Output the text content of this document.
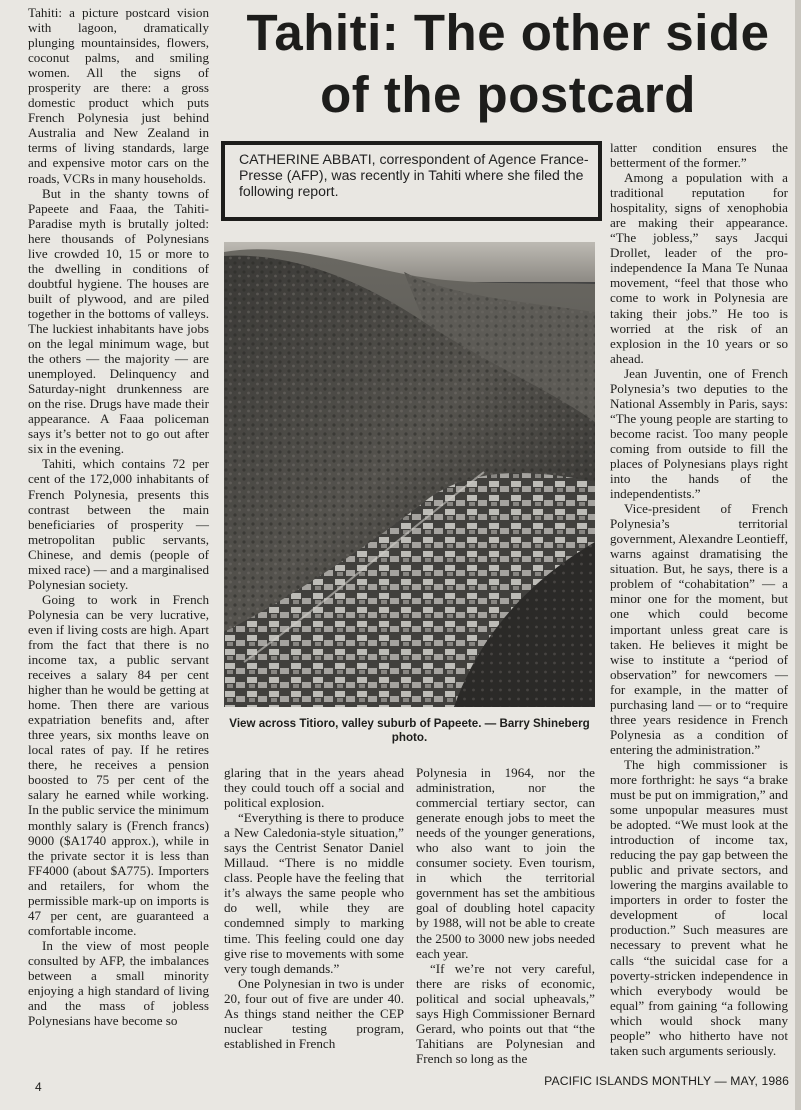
Tahiti: a picture postcard vision with lagoon, dramatically plunging mountainsides, flowers, coconut palms, and smiling women. All the signs of prosperity are there: a gross domestic product which puts French Polynesia just behind Australia and New Zealand in terms of living standards, large and expensive motor cars on the roads, VCRs in many households.

But in the shanty towns of Papeete and Faaa, the Tahiti-Paradise myth is brutally jolted: here thousands of Polynesians live crowded 10, 15 or more to the dwelling in conditions of doubtful hygiene. The houses are built of plywood, and are piled together in the bottoms of valleys. The luckiest inhabitants have jobs on the legal minimum wage, but the others — the majority — are unemployed. Delinquency and Saturday-night drunkenness are on the rise. Drugs have made their appearance. A Faaa policeman says it’s better not to go out after six in the evening.

Tahiti, which contains 72 per cent of the 172,000 inhabitants of French Polynesia, presents this contrast between the main beneficiaries of prosperity — metropolitan public servants, Chinese, and demis (people of mixed race) — and a marginalised Polynesian society.

Going to work in French Polynesia can be very lucrative, even if living costs are high. Apart from the fact that there is no income tax, a public servant receives a salary 84 per cent higher than he would be getting at home. Then there are various expatriation benefits and, after three years, six months leave on local rates of pay. If he retires there, he receives a pension boosted to 75 per cent of the salary he earned while working. In the public service the minimum monthly salary is (French francs) 9000 ($A1740 approx.), while in the private sector it is less than FF4000 (about $A775). Importers and retailers, for whom the permissible mark-up on imports is 47 per cent, are guaranteed a comfortable income.

In the view of most people consulted by AFP, the imbalances between a small minority enjoying a high standard of living and the mass of jobless Polynesians have become so

Tahiti: The other side
of the postcard
CATHERINE ABBATI, correspondent of Agence France-Presse (AFP), was recently in Tahiti where she filed the following report.
View across Titioro, valley suburb of Papeete. — Barry Shineberg photo.

glaring that in the years ahead they could touch off a social and political explosion.

“Everything is there to produce a New Caledonia-style situation,” says the Centrist Senator Daniel Millaud. “There is no middle class. People have the feeling that it’s always the same people who do well, while they are condemned simply to marking time. This feeling could one day give rise to movements with some very tough demands.”

One Polynesian in two is under 20, four out of five are under 40. As things stand neither the CEP nuclear testing program, established in French

Polynesia in 1964, nor the administration, nor the commercial tertiary sector, can generate enough jobs to meet the needs of the younger generations, who also want to join the consumer society. Even tourism, in which the territorial government has set the ambitious goal of doubling hotel capacity by 1988, will not be able to create the 2500 to 3000 new jobs needed each year.

“If we’re not very careful, there are risks of economic, political and social upheavals,” says High Commissioner Bernard Gerard, who points out that “the Tahitians are Polynesian and French so long as the

latter condition ensures the betterment of the former.”

Among a population with a traditional reputation for hospitality, signs of xenophobia are making their appearance. “The jobless,” says Jacqui Drollet, leader of the pro-independence Ia Mana Te Nunaa movement, “feel that those who come to work in Polynesia are taking their jobs.” He too is worried at the risk of an explosion in the 10 years or so ahead.

Jean Juventin, one of French Polynesia’s two deputies to the National Assembly in Paris, says: “The young people are starting to become racist. Too many people coming from outside to fill the places of Polynesians plays right into the hands of the independentists.”

Vice-president of French Polynesia’s territorial government, Alexandre Leontieff, warns against dramatising the situation. But, he says, there is a problem of “cohabitation” — a minor one for the moment, but one which could become important unless great care is taken. He believes it might be wise to institute a “period of observation” for newcomers — for example, in the matter of purchasing land — or to “require three years residence in French Polynesia as a condition of entering the administration.”

The high commissioner is more forthright: he says “a brake must be put on immigration,” and some unpopular measures must be adopted. “We must look at the introduction of income tax, reducing the pay gap between the public and private sectors, and lowering the margins available to importers in order to foster the development of local production.” Such measures are necessary to prevent what he calls “the suicidal case for a poverty-stricken independence in which everybody would be equal” from gaining “a following which would shock many people” who hitherto have not taken such arguments seriously.

4	PACIFIC ISLANDS MONTHLY — MAY, 1986
